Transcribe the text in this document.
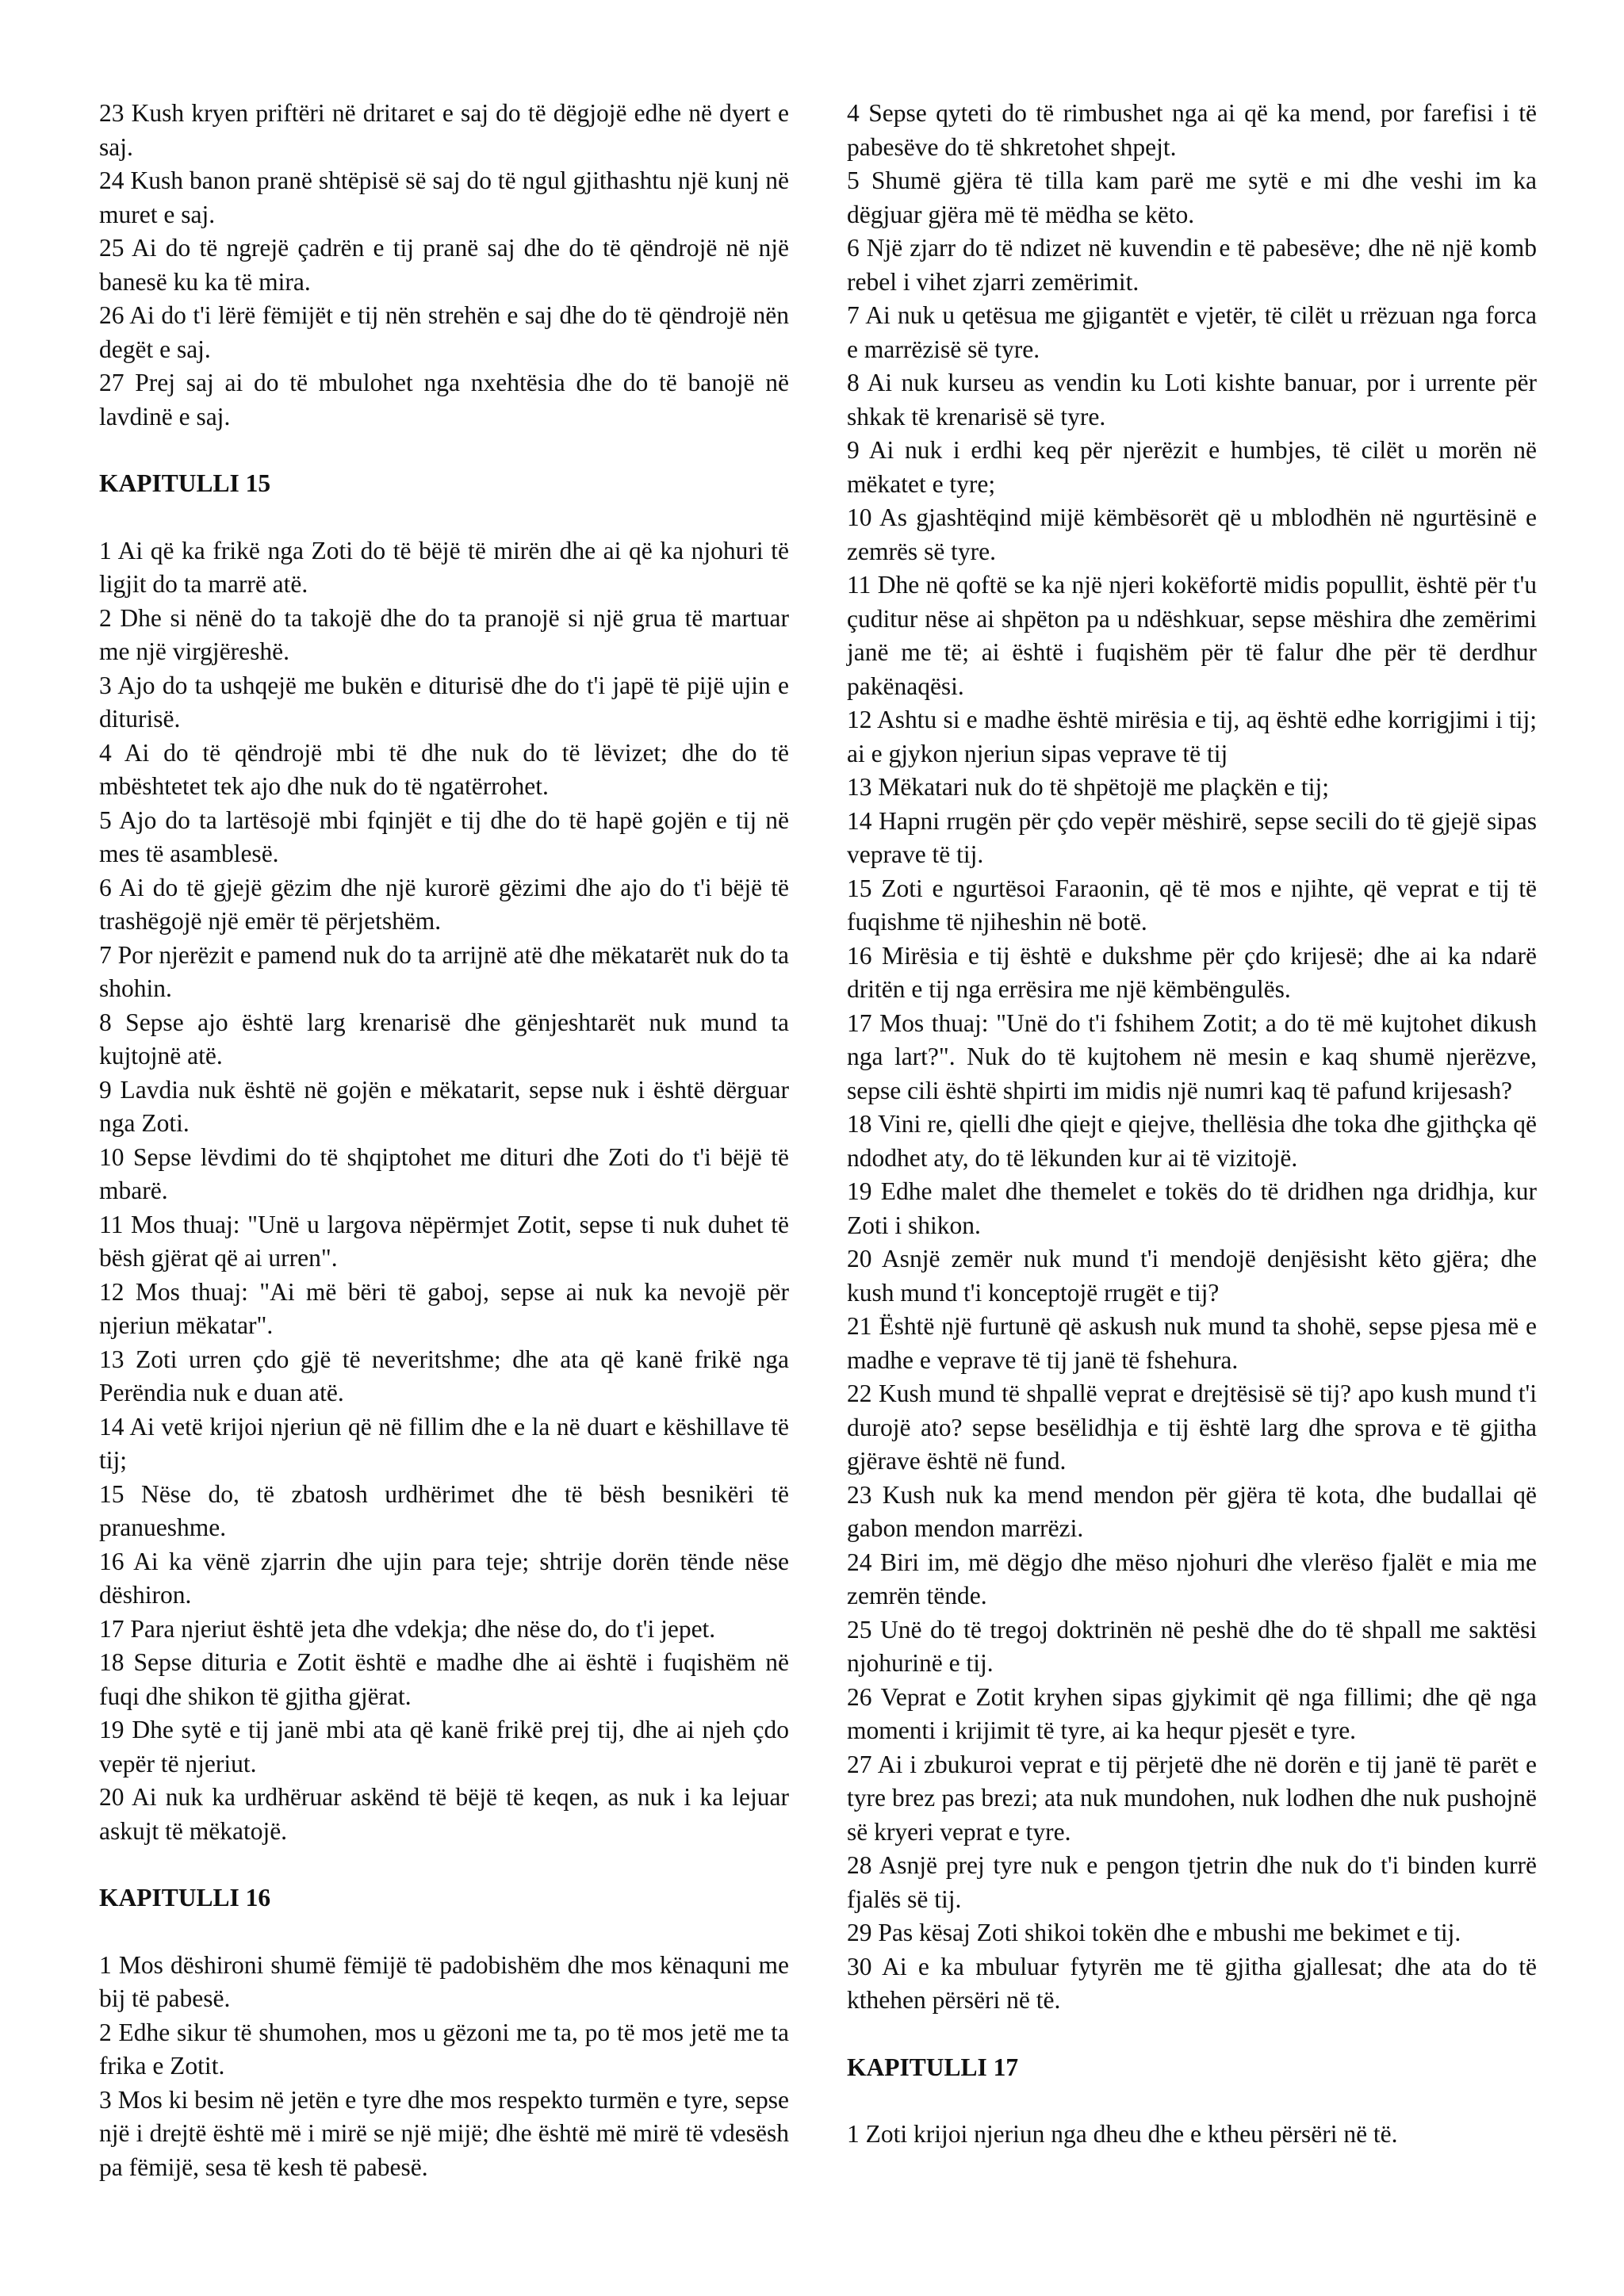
23 Kush kryen priftëri në dritaret e saj do të dëgjojë edhe në dyert e saj.

24 Kush banon pranë shtëpisë së saj do të ngul gjithashtu një kunj në muret e saj.

25 Ai do të ngrejë çadrën e tij pranë saj dhe do të qëndrojë në një banesë ku ka të mira.

26 Ai do t'i lërë fëmijët e tij nën strehën e saj dhe do të qëndrojë nën degët e saj.

27 Prej saj ai do të mbulohet nga nxehtësia dhe do të banojë në lavdinë e saj.

KAPITULLI 15

1 Ai që ka frikë nga Zoti do të bëjë të mirën dhe ai që ka njohuri të ligjit do ta marrë atë.

2 Dhe si nënë do ta takojë dhe do ta pranojë si një grua të martuar me një virgjëreshë.

3 Ajo do ta ushqejë me bukën e diturisë dhe do t'i japë të pijë ujin e diturisë.

4 Ai do të qëndrojë mbi të dhe nuk do të lëvizet; dhe do të mbështetet tek ajo dhe nuk do të ngatërrohet.

5 Ajo do ta lartësojë mbi fqinjët e tij dhe do të hapë gojën e tij në mes të asamblesë.

6 Ai do të gjejë gëzim dhe një kurorë gëzimi dhe ajo do t'i bëjë të trashëgojë një emër të përjetshëm.

7 Por njerëzit e pamend nuk do ta arrijnë atë dhe mëkatarët nuk do ta shohin.

8 Sepse ajo është larg krenarisë dhe gënjeshtarët nuk mund ta kujtojnë atë.

9 Lavdia nuk është në gojën e mëkatarit, sepse nuk i është dërguar nga Zoti.

10 Sepse lëvdimi do të shqiptohet me dituri dhe Zoti do t'i bëjë të mbarë.

11 Mos thuaj: "Unë u largova nëpërmjet Zotit, sepse ti nuk duhet të bësh gjërat që ai urren".

12 Mos thuaj: "Ai më bëri të gaboj, sepse ai nuk ka nevojë për njeriun mëkatar".

13 Zoti urren çdo gjë të neveritshme; dhe ata që kanë frikë nga Perëndia nuk e duan atë.

14 Ai vetë krijoi njeriun që në fillim dhe e la në duart e këshillave të tij;

15 Nëse do, të zbatosh urdhërimet dhe të bësh besnikëri të pranueshme.

16 Ai ka vënë zjarrin dhe ujin para teje; shtrije dorën tënde nëse dëshiron.

17 Para njeriut është jeta dhe vdekja; dhe nëse do, do t'i jepet.

18 Sepse dituria e Zotit është e madhe dhe ai është i fuqishëm në fuqi dhe shikon të gjitha gjërat.

19 Dhe sytë e tij janë mbi ata që kanë frikë prej tij, dhe ai njeh çdo vepër të njeriut.

20 Ai nuk ka urdhëruar askënd të bëjë të keqen, as nuk i ka lejuar askujt të mëkatojë.

KAPITULLI 16

1 Mos dëshironi shumë fëmijë të padobishëm dhe mos kënaquni me bij të pabesë.

2 Edhe sikur të shumohen, mos u gëzoni me ta, po të mos jetë me ta frika e Zotit.

3 Mos ki besim në jetën e tyre dhe mos respekto turmën e tyre, sepse një i drejtë është më i mirë se një mijë; dhe është më mirë të vdesësh pa fëmijë, sesa të kesh të pabesë.

4 Sepse qyteti do të rimbushet nga ai që ka mend, por farefisi i të pabesëve do të shkretohet shpejt.

5 Shumë gjëra të tilla kam parë me sytë e mi dhe veshi im ka dëgjuar gjëra më të mëdha se këto.

6 Një zjarr do të ndizet në kuvendin e të pabesëve; dhe në një komb rebel i vihet zjarri zemërimit.

7 Ai nuk u qetësua me gjigantët e vjetër, të cilët u rrëzuan nga forca e marrëzisë së tyre.

8 Ai nuk kurseu as vendin ku Loti kishte banuar, por i urrente për shkak të krenarisë së tyre.

9 Ai nuk i erdhi keq për njerëzit e humbjes, të cilët u morën në mëkatet e tyre;

10 As gjashtëqind mijë këmbësorët që u mblodhën në ngurtësinë e zemrës së tyre.

11 Dhe në qoftë se ka një njeri kokëfortë midis popullit, është për t'u çuditur nëse ai shpëton pa u ndëshkuar, sepse mëshira dhe zemërimi janë me të; ai është i fuqishëm për të falur dhe për të derdhur pakënaqësi.

12 Ashtu si e madhe është mirësia e tij, aq është edhe korrigjimi i tij; ai e gjykon njeriun sipas veprave të tij

13 Mëkatari nuk do të shpëtojë me plaçkën e tij;

14 Hapni rrugën për çdo vepër mëshirë, sepse secili do të gjejë sipas veprave të tij.

15 Zoti e ngurtësoi Faraonin, që të mos e njihte, që veprat e tij të fuqishme të njiheshin në botë.

16 Mirësia e tij është e dukshme për çdo krijesë; dhe ai ka ndarë dritën e tij nga errësira me një këmbëngulës.

17 Mos thuaj: "Unë do t'i fshihem Zotit; a do të më kujtohet dikush nga lart?". Nuk do të kujtohem në mesin e kaq shumë njerëzve, sepse cili është shpirti im midis një numri kaq të pafund krijesash?

18 Vini re, qielli dhe qiejt e qiejve, thellësia dhe toka dhe gjithçka që ndodhet aty, do të lëkunden kur ai të vizitojë.

19 Edhe malet dhe themelet e tokës do të dridhen nga dridhja, kur Zoti i shikon.

20 Asnjë zemër nuk mund t'i mendojë denjësisht këto gjëra; dhe kush mund t'i konceptojë rrugët e tij?

21 Është një furtunë që askush nuk mund ta shohë, sepse pjesa më e madhe e veprave të tij janë të fshehura.

22 Kush mund të shpallë veprat e drejtësisë së tij? apo kush mund t'i durojë ato? sepse besëlidhja e tij është larg dhe sprova e të gjitha gjërave është në fund.

23 Kush nuk ka mend mendon për gjëra të kota, dhe budallai që gabon mendon marrëzi.

24 Biri im, më dëgjo dhe mëso njohuri dhe vlerëso fjalët e mia me zemrën tënde.

25 Unë do të tregoj doktrinën në peshë dhe do të shpall me saktësi njohurinë e tij.

26 Veprat e Zotit kryhen sipas gjykimit që nga fillimi; dhe që nga momenti i krijimit të tyre, ai ka hequr pjesët e tyre.

27 Ai i zbukuroi veprat e tij përjetë dhe në dorën e tij janë të parët e tyre brez pas brezi; ata nuk mundohen, nuk lodhen dhe nuk pushojnë së kryeri veprat e tyre.

28 Asnjë prej tyre nuk e pengon tjetrin dhe nuk do t'i binden kurrë fjalës së tij.

29 Pas kësaj Zoti shikoi tokën dhe e mbushi me bekimet e tij.

30 Ai e ka mbuluar fytyrën me të gjitha gjallesat; dhe ata do të kthehen përsëri në të.

KAPITULLI 17

1 Zoti krijoi njeriun nga dheu dhe e ktheu përsëri në të.
